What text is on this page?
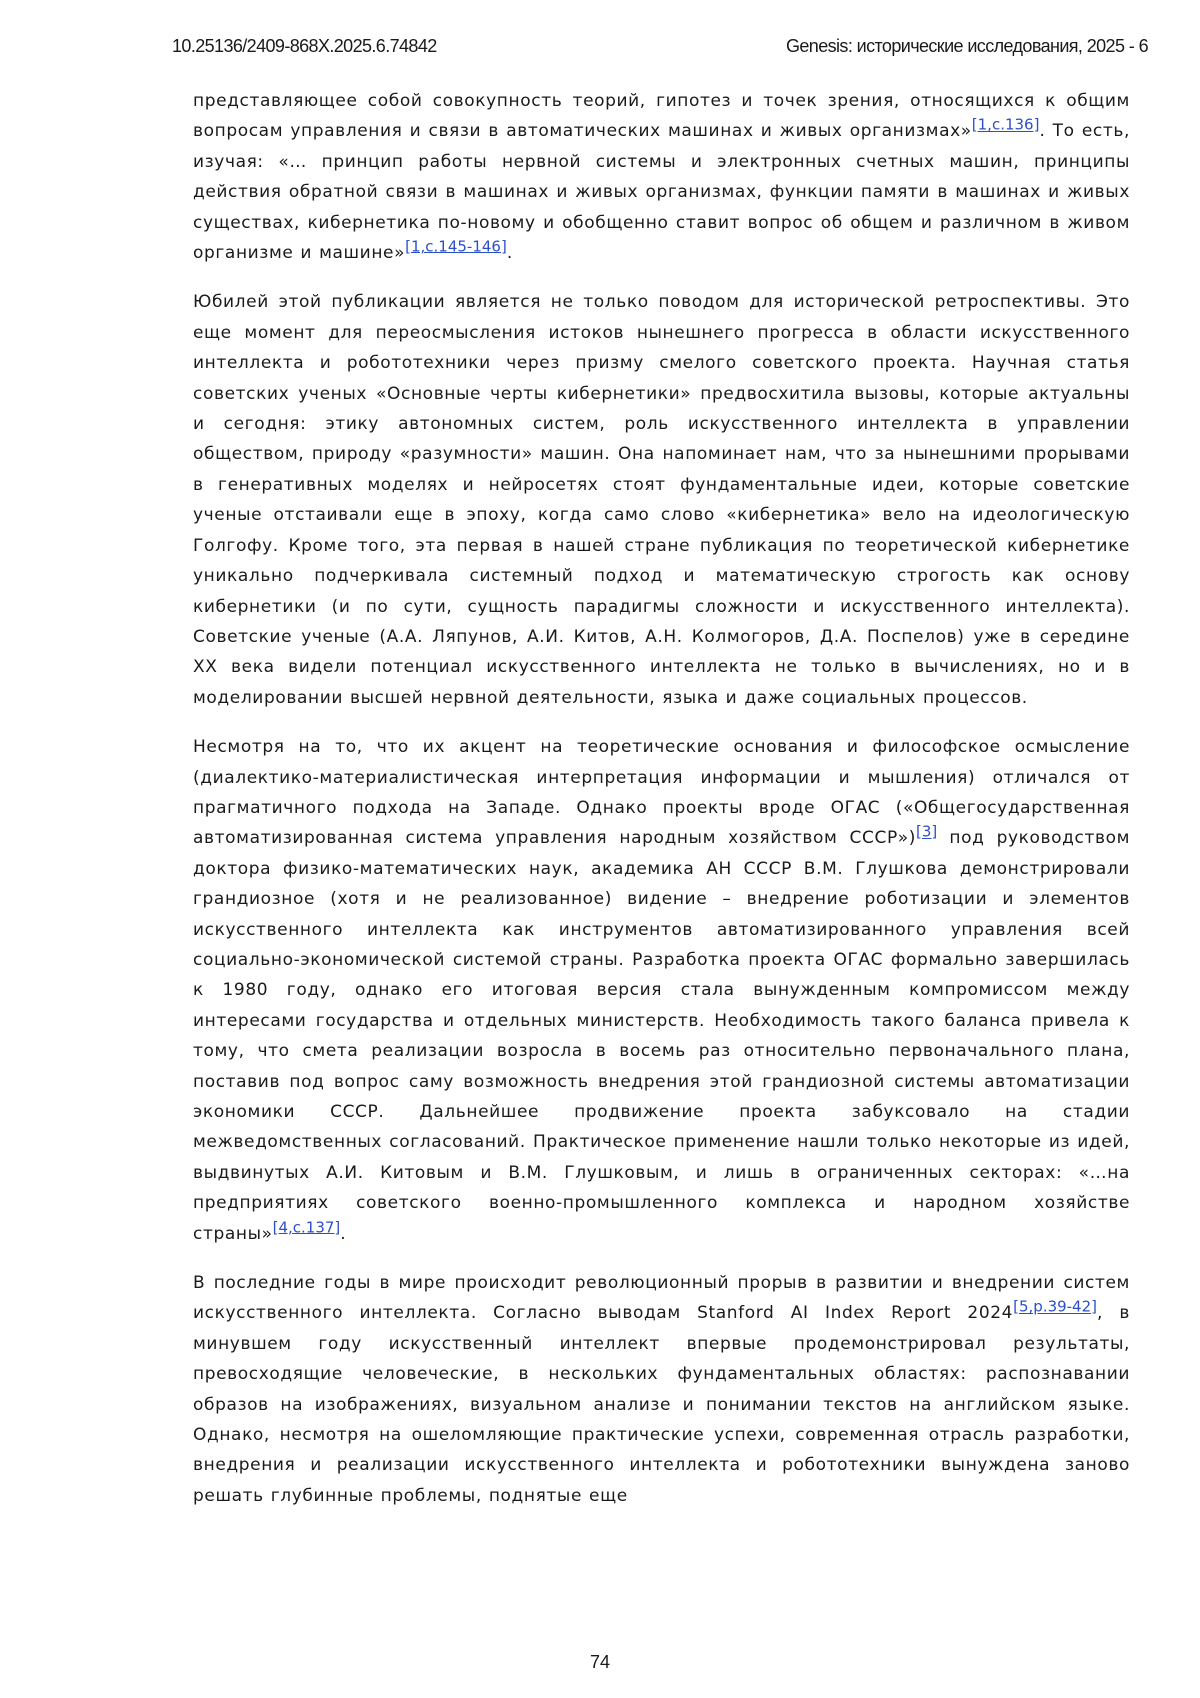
10.25136/2409-868X.2025.6.74842	Genesis: исторические исследования, 2025 - 6

представляющее собой совокупность теорий, гипотез и точек зрения, относящихся к общим вопросам управления и связи в автоматических машинах и живых организмах»[1,с.136]. То есть, изучая: «… принцип работы нервной системы и электронных счетных машин, принципы действия обратной связи в машинах и живых организмах, функции памяти в машинах и живых существах, кибернетика по-новому и обобщенно ставит вопрос об общем и различном в живом организме и машине»[1,с.145-146].

Юбилей этой публикации является не только поводом для исторической ретроспективы. Это еще момент для переосмысления истоков нынешнего прогресса в области искусственного интеллекта и робототехники через призму смелого советского проекта. Научная статья советских ученых «Основные черты кибернетики» предвосхитила вызовы, которые актуальны и сегодня: этику автономных систем, роль искусственного интеллекта в управлении обществом, природу «разумности» машин. Она напоминает нам, что за нынешними прорывами в генеративных моделях и нейросетях стоят фундаментальные идеи, которые советские ученые отстаивали еще в эпоху, когда само слово «кибернетика» вело на идеологическую Голгофу. Кроме того, эта первая в нашей стране публикация по теоретической кибернетике уникально подчеркивала системный подход и математическую строгость как основу кибернетики (и по сути, сущность парадигмы сложности и искусственного интеллекта). Советские ученые (А.А. Ляпунов, А.И. Китов, А.Н. Колмогоров, Д.А. Поспелов) уже в середине XX века видели потенциал искусственного интеллекта не только в вычислениях, но и в моделировании высшей нервной деятельности, языка и даже социальных процессов.

Несмотря на то, что их акцент на теоретические основания и философское осмысление (диалектико-материалистическая интерпретация информации и мышления) отличался от прагматичного подхода на Западе. Однако проекты вроде ОГАС («Общегосударственная автоматизированная система управления народным хозяйством СССР»)[3] под руководством доктора физико-математических наук, академика АН СССР В.М. Глушкова демонстрировали грандиозное (хотя и не реализованное) видение – внедрение роботизации и элементов искусственного интеллекта как инструментов автоматизированного управления всей социально-экономической системой страны. Разработка проекта ОГАС формально завершилась к 1980 году, однако его итоговая версия стала вынужденным компромиссом между интересами государства и отдельных министерств. Необходимость такого баланса привела к тому, что смета реализации возросла в восемь раз относительно первоначального плана, поставив под вопрос саму возможность внедрения этой грандиозной системы автоматизации экономики СССР. Дальнейшее продвижение проекта забуксовало на стадии межведомственных согласований. Практическое применение нашли только некоторые из идей, выдвинутых А.И. Китовым и В.М. Глушковым, и лишь в ограниченных секторах: «…на предприятиях советского военно-промышленного комплекса и народном хозяйстве страны»[4,с.137].

В последние годы в мире происходит революционный прорыв в развитии и внедрении систем искусственного интеллекта. Согласно выводам Stanford AI Index Report 2024[5,p.39-42], в минувшем году искусственный интеллект впервые продемонстрировал результаты, превосходящие человеческие, в нескольких фундаментальных областях: распознавании образов на изображениях, визуальном анализе и понимании текстов на английском языке. Однако, несмотря на ошеломляющие практические успехи, современная отрасль разработки, внедрения и реализации искусственного интеллекта и робототехники вынуждена заново решать глубинные проблемы, поднятые еще

74
